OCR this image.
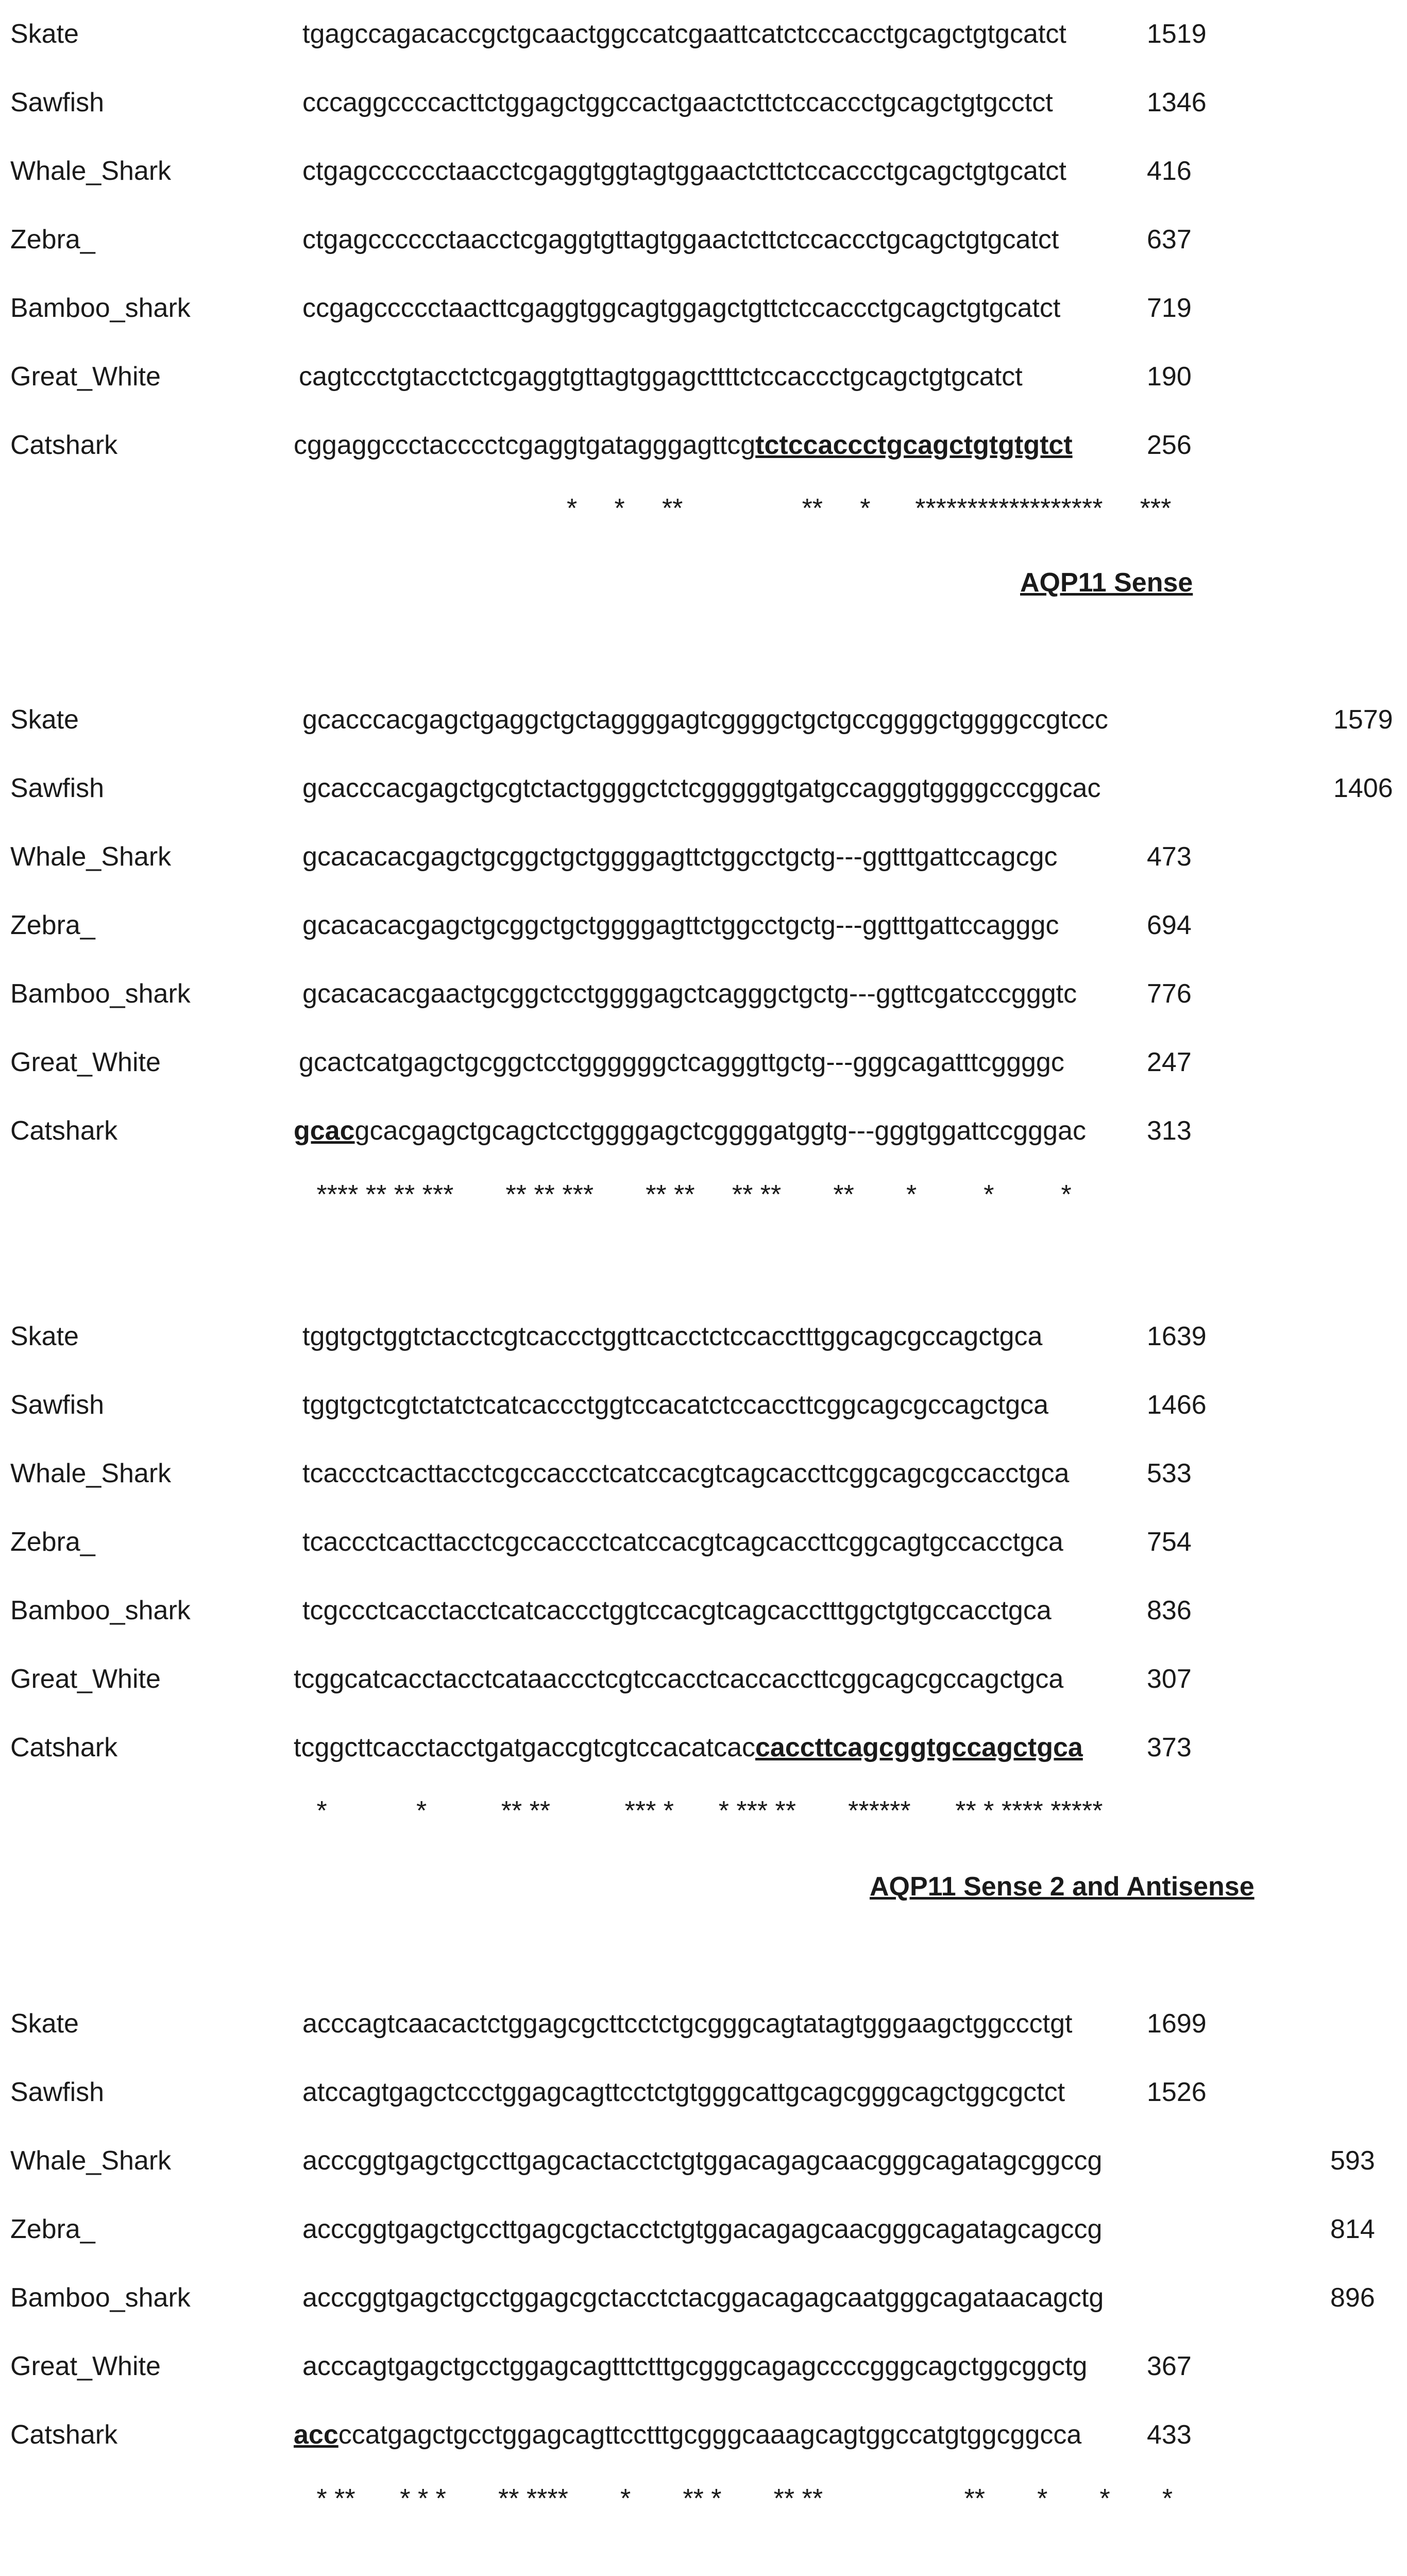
Skate	tgagccagacaccgctgcaactggccatcgaattcatctcccacctgcagctgtgcatct	1519
Sawfish	cccaggccccacttctggagctggccactgaactcttctccaccctgcagctgtgcctct	1346
Whale_Shark	ctgagcccccctaacctcgaggtggtagtggaactcttctccaccctgcagctgtgcatct	416
Zebra_	ctgagcccccctaacctcgaggtgttagtggaactcttctccaccctgcagctgtgcatct	637
Bamboo_shark	ccgagccccctaacttcgaggtggcagtggagctgttctccaccctgcagctgtgcatct	719
Great_White	cagtccctgtacctctcgaggtgttagtggagcttttctccaccctgcagctgtgcatct	190
Catshark	cggaggccctacccctcgaggtgatagggagttcgtctccaccctgcagctgtgtgtct	256
*     *     **                **     *      ******************     ***
AQP11 Sense
Skate	gcacccacgagctgaggctgctaggggagtcggggctgctgccggggctggggccgtccc	1579
Sawfish	gcacccacgagctgcgtctactggggctctcgggggtgatgccagggtggggcccggcac	1406
Whale_Shark	gcacacacgagctgcggctgctggggagttctggcctgctg---ggtttgattccagcgc	473
Zebra_	gcacacacgagctgcggctgctggggagttctggcctgctg---ggtttgattccagggc	694
Bamboo_shark	gcacacacgaactgcggctcctggggagctcagggctgctg---ggttcgatcccgggtc	776
Great_White	gcactcatgagctgcggctcctggggggctcagggttgctg---gggcagatttcggggc	247
Catshark	gcacgcacgagctgcagctcctggggagctcggggatggtg---gggtggattccgggac 313
**** ** ** ***       ** ** ***       ** **     ** **       **       *         *         *
Skate	tggtgctggtctacctcgtcaccctggttcacctctccacctttggcagcgccagctgca	1639
Sawfish	tggtgctcgtctatctcatcaccctggtccacatctccaccttcggcagcgccagctgca	1466
Whale_Shark	tcaccctcacttacctcgccaccctcatccacgtcagcaccttcggcagcgccacctgca	533
Zebra_	tcaccctcacttacctcgccaccctcatccacgtcagcaccttcggcagtgccacctgca	754
Bamboo_shark	tcgccctcacctacctcatcaccctggtccacgtcagcacctttggctgtgccacctgca	836
Great_White	tcggcatcacctacctcataaccctcgtccacctcaccaccttcggcagcgccagctgca	307
Catshark	tcggcttcacctacctgatgaccgtcgtccacatcaccaccttcagcggtgccagctgca 373
*            *          ** **          *** *      * *** **       ******      ** * **** *****
AQP11 Sense 2 and Antisense
Skate	acccagtcaacactctggagcgcttcctctgcgggcagtatagtgggaagctggccctgt	1699
Sawfish	atccagtgagctccctggagcagttcctctgtgggcattgcagcgggcagctggcgctct	1526
Whale_Shark	acccggtgagctgccttgagcactacctctgtggacagagcaacgggcagatagcggccg	593
Zebra_	acccggtgagctgccttgagcgctacctctgtggacagagcaacgggcagatagcagccg	814
Bamboo_shark	acccggtgagctgcctggagcgctacctctacggacagagcaatgggcagataacagctg	896
Great_White	acccagtgagctgcctggagcagtttctttgcgggcagagccccgggcagctggcggctg 367
Catshark	accccatgagctgcctggagcagttcctttgcgggcaaagcagtggccatgtggcggcca 433
* **      * * *       ** ****       *       ** *       ** **                   **       *       *       *
